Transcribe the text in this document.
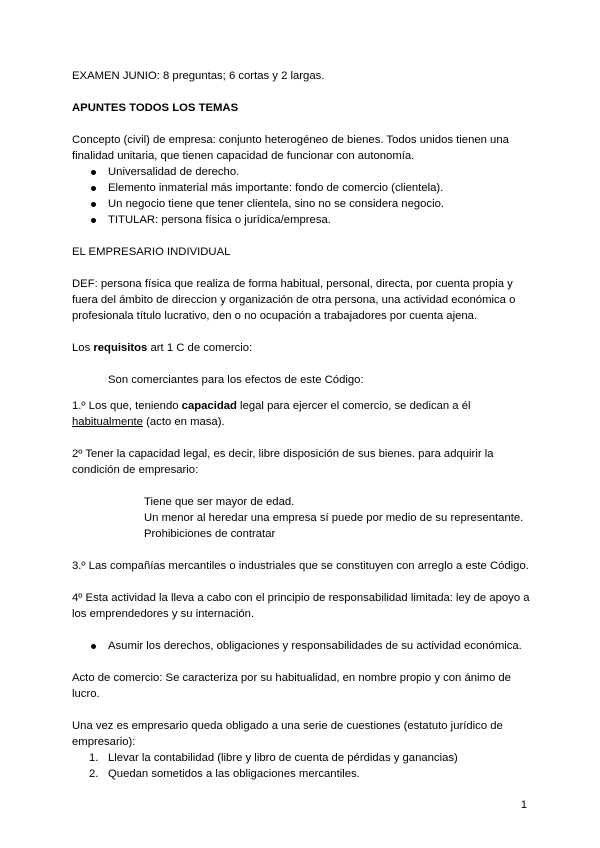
EXAMEN JUNIO: 8 preguntas; 6 cortas y 2 largas.

APUNTES TODOS LOS TEMAS

Concepto (civil) de empresa: conjunto heterogéneo de bienes. Todos unidos tienen una finalidad unitaria, que tienen capacidad de funcionar con autonomía.

Universalidad de derecho.
Elemento inmaterial más importante: fondo de comercio (clientela).
Un negocio tiene que tener clientela, sino no se considera negocio.
TITULAR: persona física o jurídica/empresa.

EL EMPRESARIO INDIVIDUAL

DEF: persona física que realiza de forma habitual, personal, directa, por cuenta propia y fuera del ámbito de direccion y organización de otra persona, una actividad económica o profesionala título lucrativo, den o no ocupación a trabajadores por cuenta ajena.

Los requisitos art 1 C de comercio:

Son comerciantes para los efectos de este Código:

1.º Los que, teniendo capacidad legal para ejercer el comercio, se dedican a él habitualmente (acto en masa).

2º Tener la capacidad legal, es decir, libre disposición de sus bienes. para adquirir la condición de empresario:

Tiene que ser mayor de edad.

Un menor al heredar una empresa sí puede por medio de su representante.

Prohibiciones de contratar

3.º Las compañías mercantiles o industriales que se constituyen con arreglo a este Código.

4º Esta actividad la lleva a cabo con el principio de responsabilidad limitada: ley de apoyo a los emprendedores y su internación.

Asumir los derechos, obligaciones y responsabilidades de su actividad económica.

Acto de comercio: Se caracteriza por su habitualidad, en nombre propio y con ánimo de lucro.

Una vez es empresario queda obligado a una serie de cuestiones (estatuto jurídico de empresario):

1. Llevar la contabilidad (libre y libro de cuenta de pérdidas y ganancias)
2. Quedan sometidos a las obligaciones mercantiles.
1
